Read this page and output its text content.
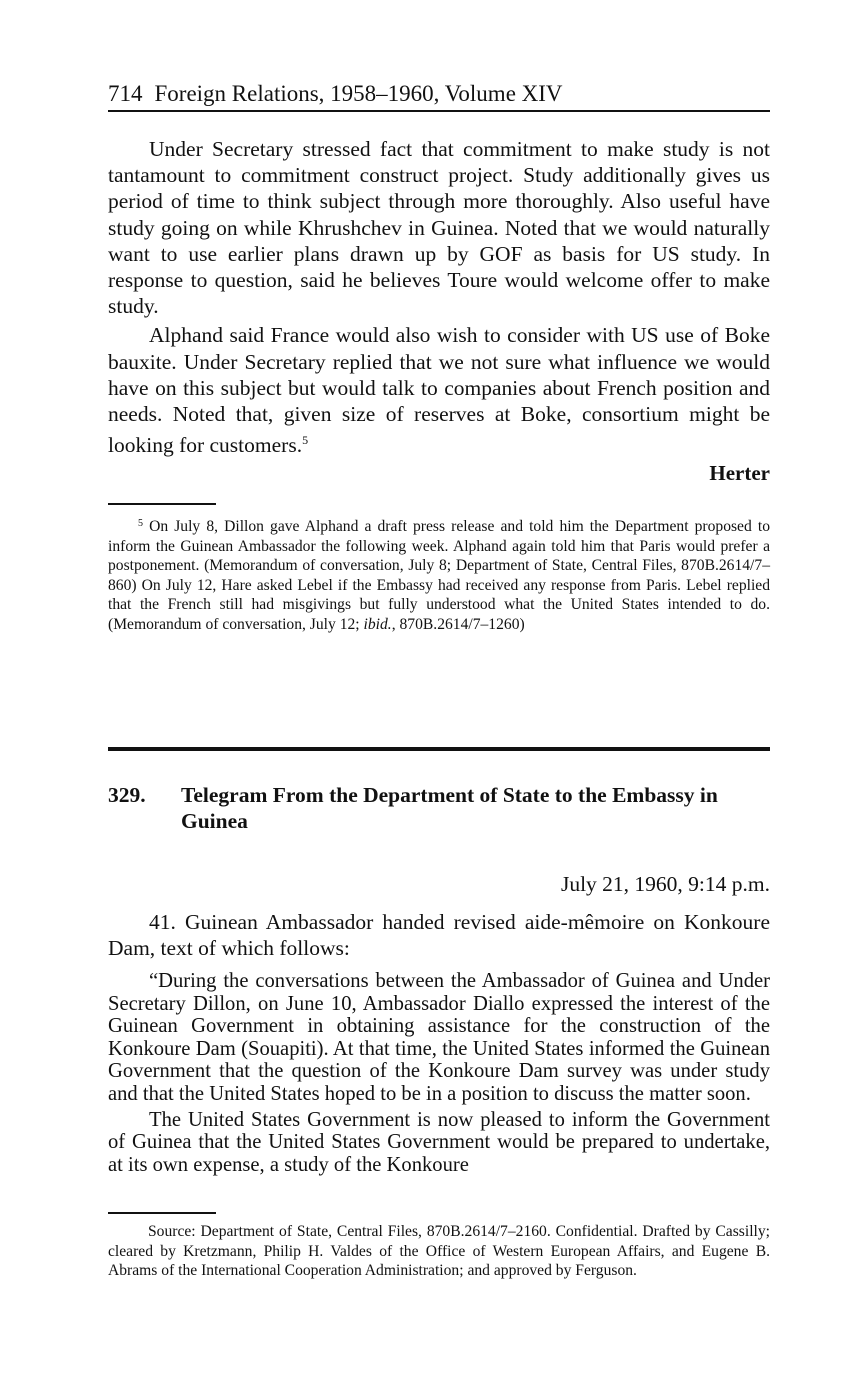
714 Foreign Relations, 1958–1960, Volume XIV

Under Secretary stressed fact that commitment to make study is not tantamount to commitment construct project. Study additionally gives us period of time to think subject through more thoroughly. Also useful have study going on while Khrushchev in Guinea. Noted that we would naturally want to use earlier plans drawn up by GOF as basis for US study. In response to question, said he believes Toure would welcome offer to make study.

Alphand said France would also wish to consider with US use of Boke bauxite. Under Secretary replied that we not sure what influence we would have on this subject but would talk to companies about French position and needs. Noted that, given size of reserves at Boke, consortium might be looking for customers.$^5$

Herter
$^5$ On July 8, Dillon gave Alphand a draft press release and told him the Department proposed to inform the Guinean Ambassador the following week. Alphand again told him that Paris would prefer a postponement. (Memorandum of conversation, July 8; Department of State, Central Files, 870B.2614/7–860) On July 12, Hare asked Lebel if the Embassy had received any response from Paris. Lebel replied that the French still had misgivings but fully understood what the United States intended to do. (Memorandum of conversation, July 12; ibid., 870B.2614/7–1260)
329. Telegram From the Department of State to the Embassy in Guinea
July 21, 1960, 9:14 p.m.

41. Guinean Ambassador handed revised aide-mêmoire on Konkoure Dam, text of which follows:

“During the conversations between the Ambassador of Guinea and Under Secretary Dillon, on June 10, Ambassador Diallo expressed the interest of the Guinean Government in obtaining assistance for the construction of the Konkoure Dam (Souapiti). At that time, the United States informed the Guinean Government that the question of the Konkoure Dam survey was under study and that the United States hoped to be in a position to discuss the matter soon.

The United States Government is now pleased to inform the Government of Guinea that the United States Government would be prepared to undertake, at its own expense, a study of the Konkoure

Source: Department of State, Central Files, 870B.2614/7–2160. Confidential. Drafted by Cassilly; cleared by Kretzmann, Philip H. Valdes of the Office of Western European Affairs, and Eugene B. Abrams of the International Cooperation Administration; and approved by Ferguson.
